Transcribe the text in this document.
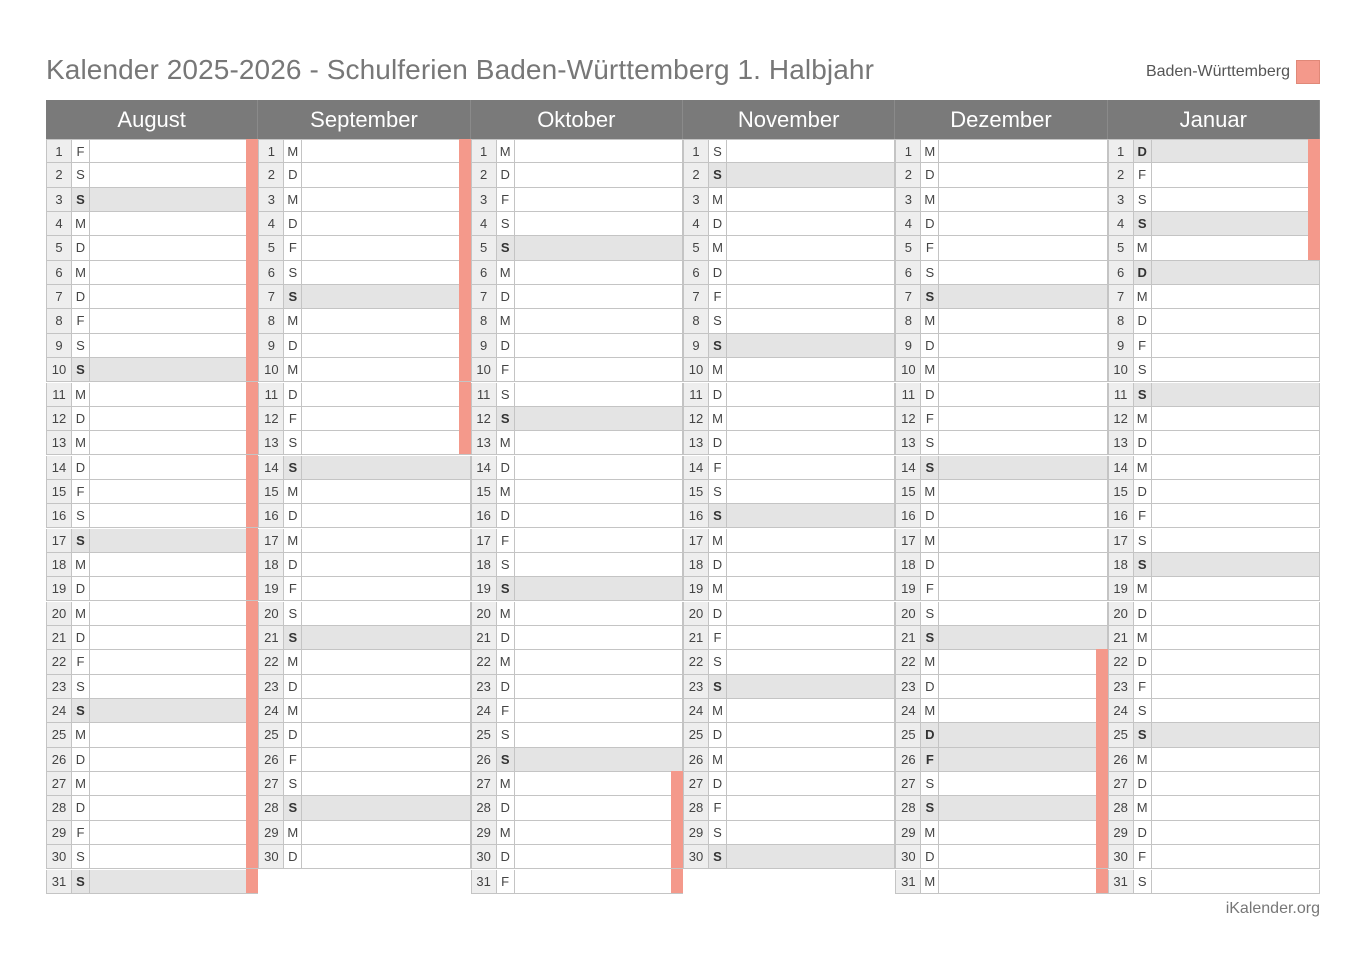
Kalender 2025-2026 - Schulferien Baden-Württemberg 1. Halbjahr	Baden-Württemberg
August
1	F
2	S
3	S
4 M
5	D
6 M
7	D
8	F
9	S
10 S
11 M
12 D
13 M
14 D
15 F
16 S
17 S
18 M
19 D
20 M
21 D
22 F
23 S
24 S
25 M
26 D
27 M
28 D
29 F
30 S
31 S
September
1 M
2	D
3 M
4	D
5	F
6	S
7	S
8 M
9	D
10 M
11 D
12 F
13 S
14 S
15 M
16 D
17 M
18 D
19 F
20 S
21 S
22 M
23 D
24 M
25 D
26 F
27 S
28 S
29 M
30 D
Oktober
1 M
2	D
3	F
4	S
5	S
6 M
7	D
8 M
9	D
10 F
11 S
12 S
13 M
14 D
15 M
16 D
17 F
18 S
19 S
20 M
21 D
22 M
23 D
24 F
25 S
26 S
27 M
28 D
29 M
30 D
31 F
November
1	S
2	S
3 M
4	D
5 M
6	D
7	F
8	S
9	S
10 M
11 D
12 M
13 D
14 F
15 S
16 S
17 M
18 D
19 M
20 D
21 F
22 S
23 S
24 M
25 D
26 M
27 D
28 F
29 S
30 S
Dezember
1 M
2	D
3 M
4	D
5	F
6	S
7	S
8 M
9	D
10 M
11 D
12 F
13 S
14 S
15 M
16 D
17 M
18 D
19 F
20 S
21 S
22 M
23 D
24 M
25 D
26 F
27 S
28 S
29 M
30 D
31 M
Januar
1	D
2	F
3	S
4	S
5 M
6	D
7 M
8	D
9	F
10 S
11 S
12 M
13 D
14 M
15 D
16 F
17 S
18 S
19 M
20 D
21 M
22 D
23 F
24 S
25 S
26 M
27 D
28 M
29 D
30 F
31 S
iKalender.org
